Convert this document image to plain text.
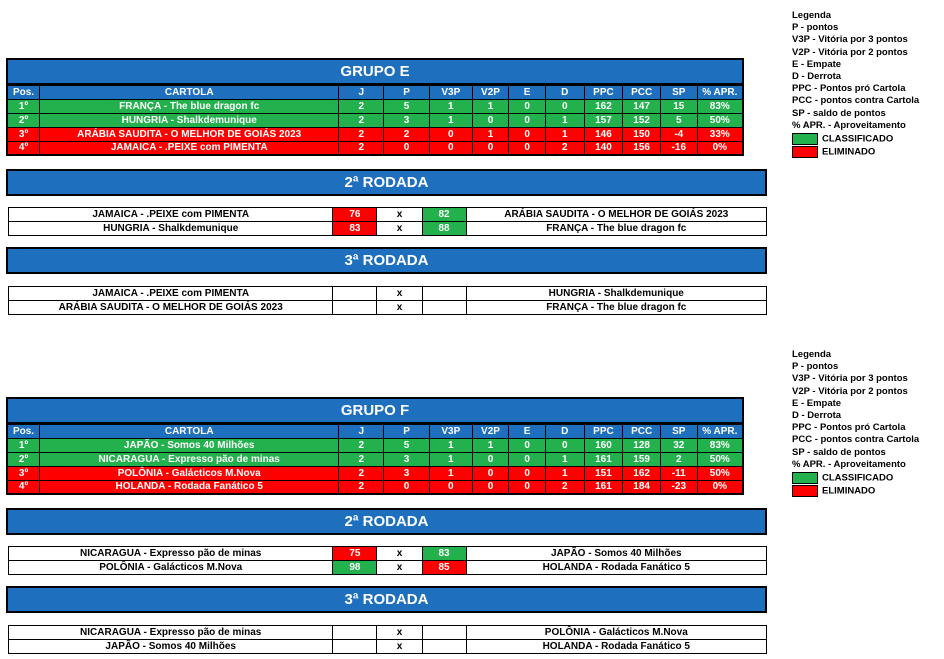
Legenda
P - pontos
V3P - Vitória por 3 pontos
V2P - Vitória por 2 pontos
E - Empate
D - Derrota
PPC - Pontos pró Cartola
PCC - pontos contra Cartola
SP - saldo de pontos
% APR. - Aproveitamento
CLASSIFICADO
ELIMINADO
GRUPO E
Pos.	CARTOLA	J	P	V3P	V2P	E	D	PPC	PCC	SP	% APR.
1º	FRANÇA - The blue dragon fc	2	5	1	1	0	0	162	147	15	83%
2º	HUNGRIA - Shalkdemunique	2	3	1	0	0	1	157	152	5	50%
3º	ARÁBIA SAUDITA - O MELHOR DE GOIÁS 2023	2	2	0	1	0	1	146	150	-4	33%
4º	JAMAICA - .PEIXE com PIMENTA	2	0	0	0	0	2	140	156	-16	0%
2ª RODADA
JAMAICA - .PEIXE com PIMENTA	76	x	82	ARÁBIA SAUDITA - O MELHOR DE GOIÁS 2023
HUNGRIA - Shalkdemunique	83	x	88	FRANÇA - The blue dragon fc
3ª RODADA
JAMAICA - .PEIXE com PIMENTA		x		HUNGRIA - Shalkdemunique
ARÁBIA SAUDITA - O MELHOR DE GOIÁS 2023		x		FRANÇA - The blue dragon fc
Legenda
P - pontos
V3P - Vitória por 3 pontos
V2P - Vitória por 2 pontos
E - Empate
D - Derrota
PPC - Pontos pró Cartola
PCC - pontos contra Cartola
SP - saldo de pontos
% APR. - Aproveitamento
CLASSIFICADO
ELIMINADO
GRUPO F
Pos.	CARTOLA	J	P	V3P	V2P	E	D	PPC	PCC	SP	% APR.
1º	JAPÃO - Somos 40 Milhões	2	5	1	1	0	0	160	128	32	83%
2º	NICARAGUA - Expresso pão de minas	2	3	1	0	0	1	161	159	2	50%
3º	POLÔNIA - Galácticos M.Nova	2	3	1	0	0	1	151	162	-11	50%
4º	HOLANDA - Rodada Fanático 5	2	0	0	0	0	2	161	184	-23	0%
2ª RODADA
NICARAGUA - Expresso pão de minas	75	x	83	JAPÃO - Somos 40 Milhões
POLÔNIA - Galácticos M.Nova	98	x	85	HOLANDA - Rodada Fanático 5
3ª RODADA
NICARAGUA - Expresso pão de minas		x		POLÔNIA - Galácticos M.Nova
JAPÃO - Somos 40 Milhões		x		HOLANDA - Rodada Fanático 5
